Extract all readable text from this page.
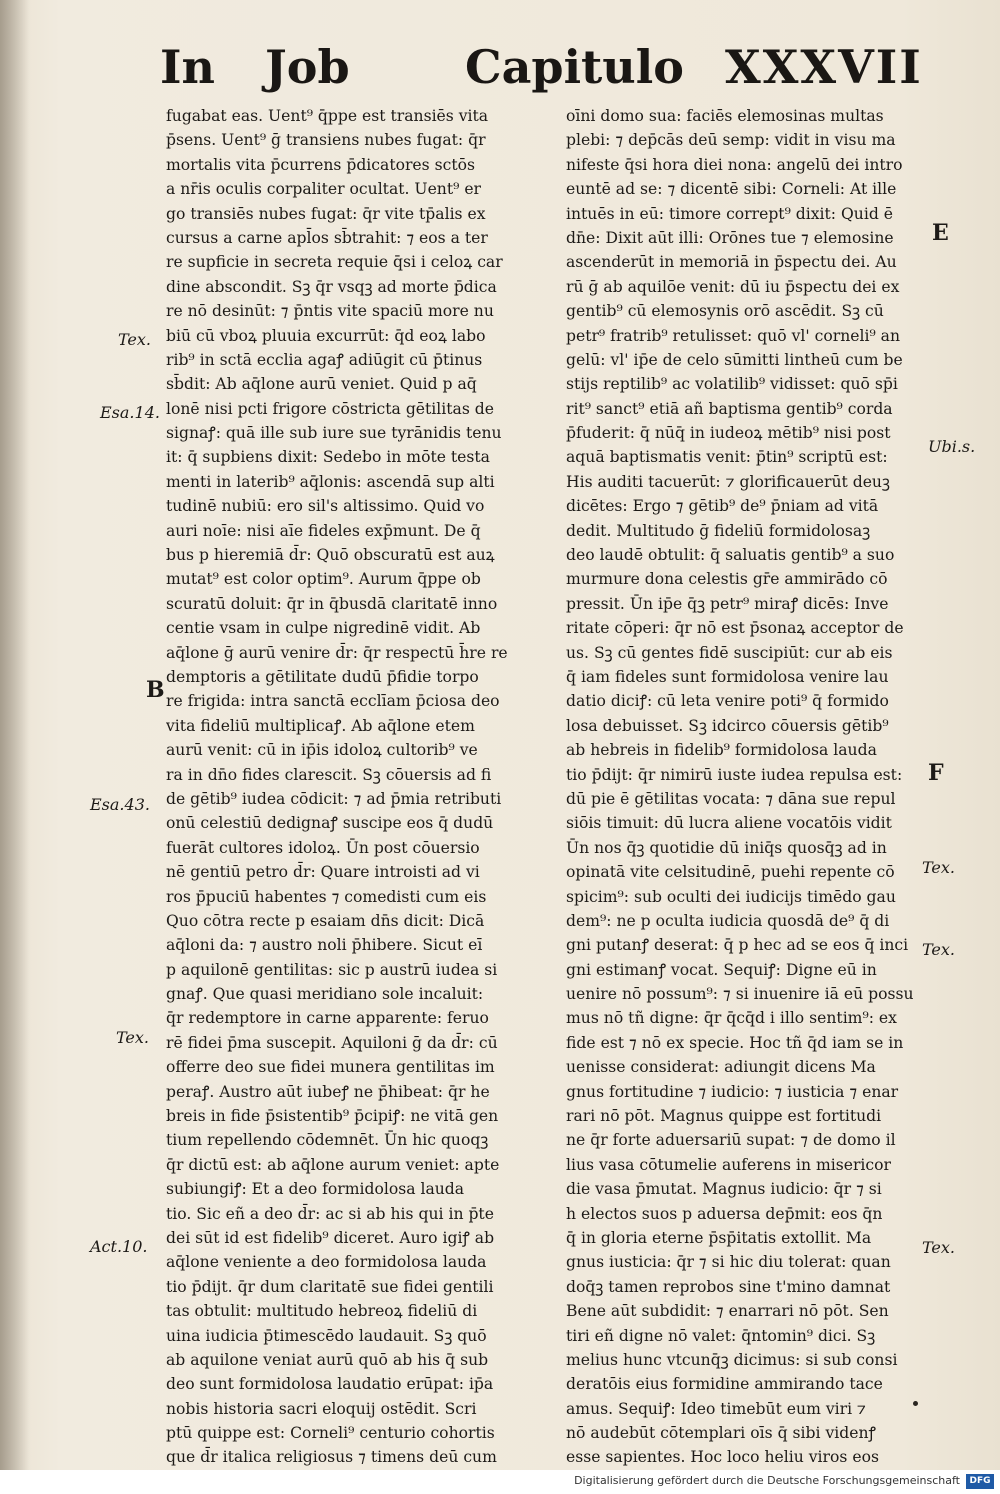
In Job	Capitulo XXXVII
fugabat eas. Uent⁹ q̄ppe est transiēs vita
p̄sens. Uent⁹ ḡ transiens nubes fugat: q̄r
mortalis vita p̄currens p̄dicatores sctōs
a nr̄is oculis corpaliter ocultat. Uent⁹ er
go transiēs nubes fugat: q̄r vite tp̄alis ex
cursus a carne apl̄os sb̄trahit: ⁊ eos a ter
re supficie in secreta requie q̄si i celoꝝ car
dine abscondit. Sꝫ q̄r vsqꝫ ad morte p̄dica
re nō desinūt: ⁊ p̄ntis vite spaciū more nu
biū cū vboꝝ pluuia excurrūt: q̄d eoꝝ labo
rib⁹ in sctā ecclia agaꝭ adiūgit cū p̄tinus
sb̄dit: Ab aq̄lone aurū veniet. Quid p aq̄
lonē nisi pcti frigore cōstricta gētilitas de
signaꝭ: quā ille sub iure sue tyrānidis tenu
it: q̄ supbiens dixit: Sedebo in mōte testa
menti in laterib⁹ aq̄lonis: ascendā sup alti
tudinē nubiū: ero sil's altissimo. Quid vo
auri noīe: nisi aīe fideles exp̄munt. De q̄
bus p hieremiā d̄r: Quō obscuratū est auꝝ
mutat⁹ est color optim⁹. Aurum q̄ppe ob
scuratū doluit: q̄r in q̄busdā claritatē inno
centie vsam in culpe nigredinē vidit. Ab
aq̄lone ḡ aurū venire d̄r: q̄r respectū h̄re re
demptoris a gētilitate dudū p̄fidie torpo
re frigida: intra sanctā ecclīam p̄ciosa deo
vita fideliū multiplicaꝭ. Ab aq̄lone etem
aurū venit: cū in ip̄is idoloꝝ cultorib⁹ ve
ra in dn̄o fides clarescit. Sꝫ cōuersis ad fi
de gētib⁹ iudea cōdicit: ⁊ ad p̄mia retributi
onū celestiū dedignaꝭ suscipe eos q̄ dudū
fuerāt cultores idoloꝝ. Ūn post cōuersio
nē gentiū petro d̄r: Quare introisti ad vi
ros p̄puciū habentes ⁊ comedisti cum eis
Quo cōtra recte p esaiam dn̄s dicit: Dicā
aq̄loni da: ⁊ austro noli p̄hibere. Sicut eī
p aquilonē gentilitas: sic p austrū iudea si
gnaꝭ. Que quasi meridiano sole incaluit:
q̄r redemptore in carne apparente: feruo
rē fidei p̄ma suscepit. Aquiloni ḡ da d̄r: cū
offerre deo sue fidei munera gentilitas im
peraꝭ. Austro aūt iubeꝭ ne p̄hibeat: q̄r he
breis in fide p̄sistentib⁹ p̄cipiꝭ: ne vitā gen
tium repellendo cōdemnēt. Ūn hic quoqꝫ
q̄r dictū est: ab aq̄lone aurum veniet: apte
subiungiꝭ: Et a deo formidolosa lauda
tio. Sic eñ a deo d̄r: ac si ab his qui in p̄te
dei sūt id est fidelib⁹ diceret. Auro igiꝭ ab
aq̄lone veniente a deo formidolosa lauda
tio p̄dijt. q̄r dum claritatē sue fidei gentili
tas obtulit: multitudo hebreoꝝ fideliū di
uina iudicia p̄timescēdo laudauit. Sꝫ quō
ab aquilone veniat aurū quō ab his q̄ sub
deo sunt formidolosa laudatio erūpat: ip̄a
nobis historia sacri eloquij ostēdit. Scri
ptū quippe est: Corneli⁹ centurio cohortis
que d̄r italica religiosus ⁊ timens deū cum
oīni domo sua: faciēs elemosinas multas
plebi: ⁊ dep̄cās deū semp: vidit in visu ma
nifeste q̄si hora diei nona: angelū dei intro
euntē ad se: ⁊ dicentē sibi: Corneli: At ille
intuēs in eū: timore corrept⁹ dixit: Quid ē
dn̄e: Dixit aūt illi: Orōnes tue ⁊ elemosine
ascenderūt in memoriā in p̄spectu dei. Au
rū ḡ ab aquilōe venit: dū iu p̄spectu dei ex
gentib⁹ cū elemosynis orō ascēdit. Sꝫ cū
petr⁹ fratrib⁹ retulisset: quō vl' corneli⁹ an
gelū: vl' ip̄e de celo sūmitti lintheū cum be
stijs reptilib⁹ ac volatilib⁹ vidisset: quō sp̄i
rit⁹ sanct⁹ etiā añ baptisma gentib⁹ corda
p̄fuderit: q̄ nūq̄ in iudeoꝝ mētib⁹ nisi post
aquā baptismatis venit: p̄tin⁹ scriptū est:
His auditi tacuerūt: ⁊ glorificauerūt deuꝫ
dicētes: Ergo ⁊ gētib⁹ de⁹ p̄niam ad vitā
dedit. Multitudo ḡ fideliū formidolosaꝫ
deo laudē obtulit: q̄ saluatis gentib⁹ a suo
murmure dona celestis gr̄e ammirādo cō
pressit. Ūn ip̄e q̄ꝫ petr⁹ miraꝭ dicēs: Inve
ritate cōperi: q̄r nō est p̄sonaꝝ acceptor de
us. Sꝫ cū gentes fidē suscipiūt: cur ab eis
q̄ iam fideles sunt formidolosa venire lau
datio diciꝭ: cū leta venire poti⁹ q̄ formido
losa debuisset. Sꝫ idcirco cōuersis gētib⁹
ab hebreis in fidelib⁹ formidolosa lauda
tio p̄dijt: q̄r nimirū iuste iudea repulsa est:
dū pie ē gētilitas vocata: ⁊ dāna sue repul
siōis timuit: dū lucra aliene vocatōis vidit
Ūn nos q̄ꝫ quotidie dū iniq̄s quosq̄ꝫ ad in
opinatā vite celsitudinē, puehi repente cō
spicim⁹: sub oculti dei iudicijs timēdo gau
dem⁹: ne p oculta iudicia quosdā de⁹ q̄ di
gni putanꝭ deserat: q̄ p hec ad se eos q̄ inci
gni estimanꝭ vocat. Sequiꝭ: Digne eū in
uenire nō possum⁹: ⁊ si inuenire iā eū possu
mus nō tñ digne: q̄r q̄cq̄d i illo sentim⁹: ex
fide est ⁊ nō ex specie. Hoc tñ q̄d iam se in
uenisse considerat: adiungit dicens Ma
gnus fortitudine ⁊ iudicio: ⁊ iusticia ⁊ enar
rari nō pōt. Magnus quippe est fortitudi
ne q̄r forte aduersariū supat: ⁊ de domo il
lius vasa cōtumelie auferens in misericor
die vasa p̄mutat. Magnus iudicio: q̄r ⁊ si
h electos suos p aduersa dep̄mit: eos q̄n
q̄ in gloria eterne p̄sp̄itatis extollit. Ma
gnus iusticia: q̄r ⁊ si hic diu tolerat: quan
doq̄ꝫ tamen reprobos sine t'mino damnat
Bene aūt subdidit: ⁊ enarrari nō pōt. Sen
tiri eñ digne nō valet: q̄ntomin⁹ dici. Sꝫ
melius hunc vtcunq̄ꝫ dicimus: si sub consi
deratōis eius formidine ammirando tace
amus. Sequiꝭ: Ideo timebūt eum viri ⁊
nō audebūt cōtemplari oīs q̄ sibi videnꝭ
esse sapientes. Hoc loco heliu viros eos
Tex.
Esa.14.
B
Esa.43.
Tex.
Act.10.
E
Ubi.s.
F
Tex.
Tex.
Tex.
Digitalisierung gefördert durch die Deutsche Forschungsgemeinschaft	DFG
